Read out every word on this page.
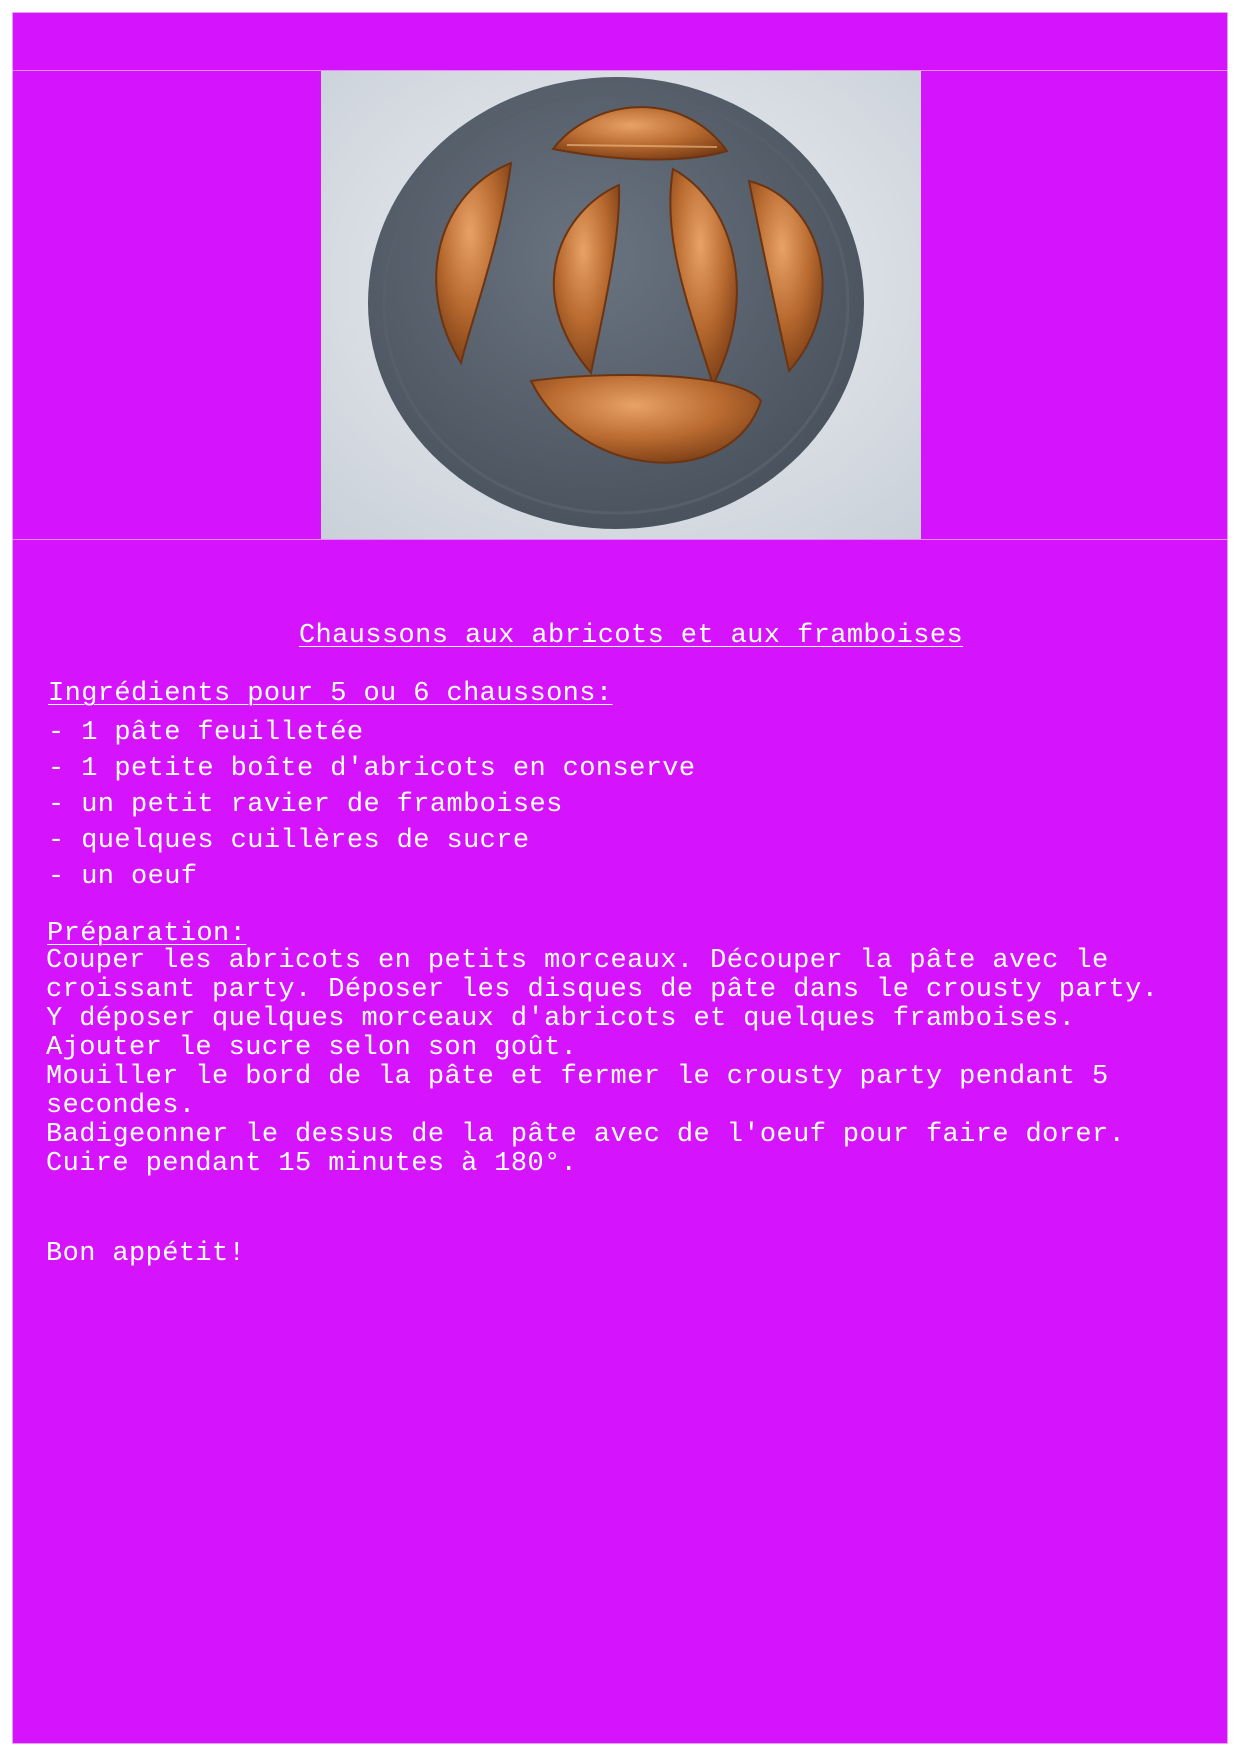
Chaussons aux abricots et aux framboises
Ingrédients pour 5 ou 6 chaussons:
- 1 pâte feuilletée
- 1 petite boîte d'abricots en conserve
- un petit ravier de framboises
- quelques cuillères de sucre
- un oeuf
Préparation:
Couper les abricots en petits morceaux. Découper la pâte avec le
croissant party. Déposer les disques de pâte dans le crousty party.
Y déposer quelques morceaux d'abricots et quelques framboises.
Ajouter le sucre selon son goût.
Mouiller le bord de la pâte et fermer le crousty party pendant 5
secondes.
Badigeonner le dessus de la pâte avec de l'oeuf pour faire dorer.
Cuire pendant 15 minutes à 180°.
Bon appétit!
